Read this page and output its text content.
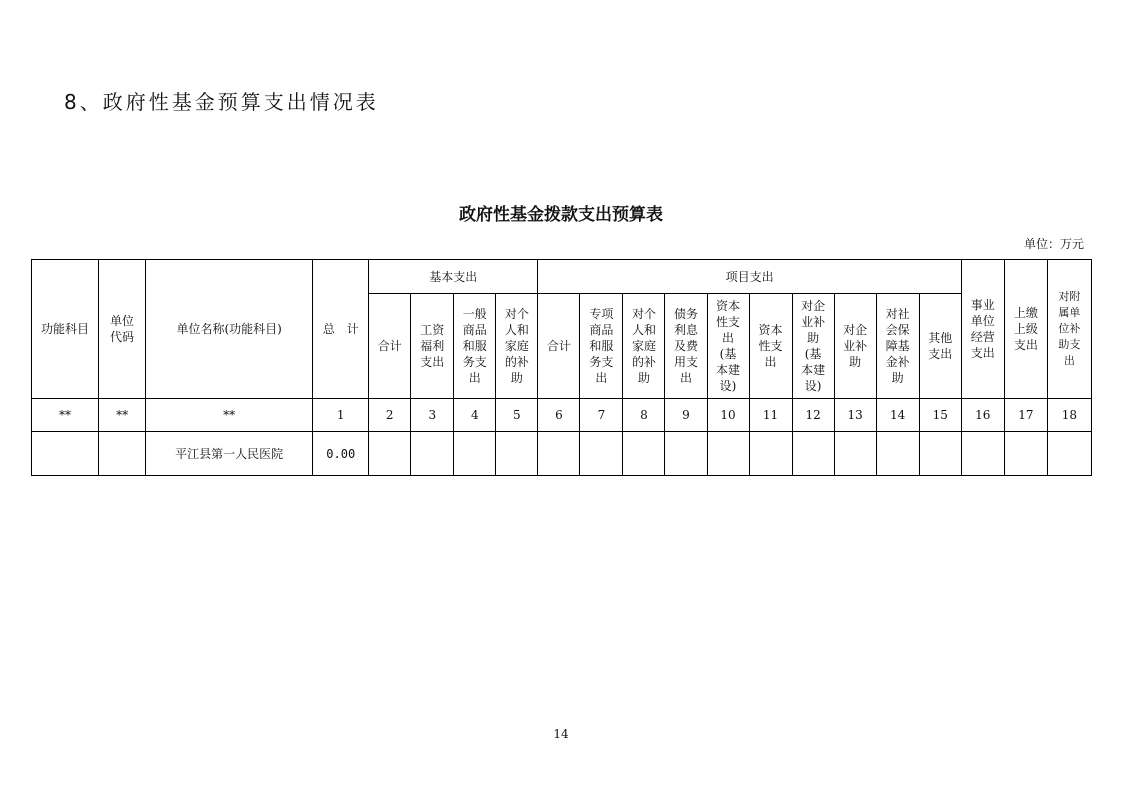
8、政府性基金预算支出情况表
政府性基金拨款支出预算表
单位：万元
功能科目	单位代码	单位名称(功能科目)	总　计	基本支出				项目支出										事业单位经营支出	上缴上级支出	对附属单位补助支出
				合计	工资福利支出	一般商品和服务支出	对个人和家庭的补助	合计	专项商品和服务支出	对个人和家庭的补助	债务利息及费用支出	资本性支出(基本建设)	资本性支出	对企业补助(基本建设)	对企业补助	对社会保障基金补助	其他支出			
**	**	**	1	2	3	4	5	6	7	8	9	10	11	12	13	14	15	16	17	18
		平江县第一人民医院	0.00																	
14
